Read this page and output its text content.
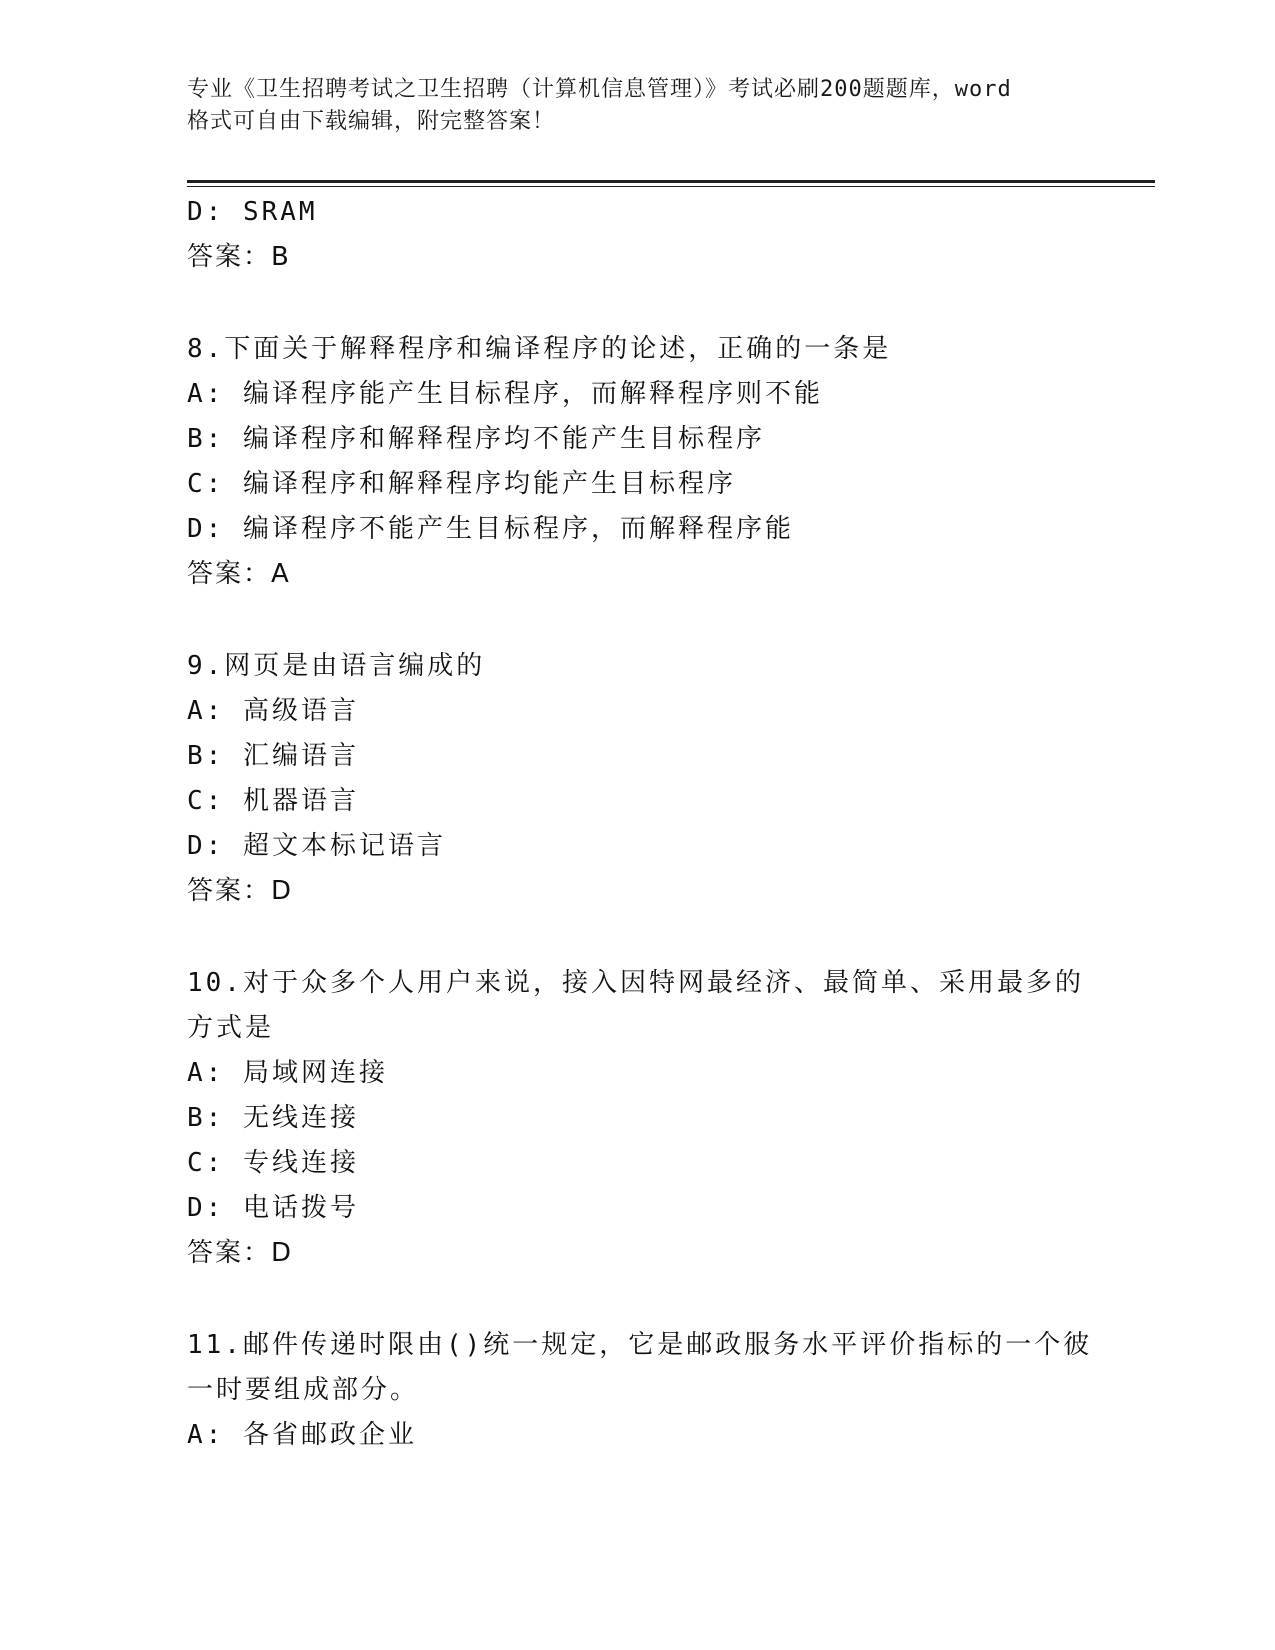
专业《卫生招聘考试之卫生招聘（计算机信息管理）》考试必刷200题题库，word
格式可自由下载编辑，附完整答案！
D: SRAM
答案：B
8.下面关于解释程序和编译程序的论述，正确的一条是
A: 编译程序能产生目标程序，而解释程序则不能
B: 编译程序和解释程序均不能产生目标程序
C: 编译程序和解释程序均能产生目标程序
D: 编译程序不能产生目标程序，而解释程序能
答案：A
9.网页是由语言编成的
A: 高级语言
B: 汇编语言
C: 机器语言
D: 超文本标记语言
答案：D
10.对于众多个人用户来说，接入因特网最经济、最简单、采用最多的
方式是
A: 局域网连接
B: 无线连接
C: 专线连接
D: 电话拨号
答案：D
11.邮件传递时限由()统一规定，它是邮政服务水平评价指标的一个彼
一时要组成部分。
A: 各省邮政企业
